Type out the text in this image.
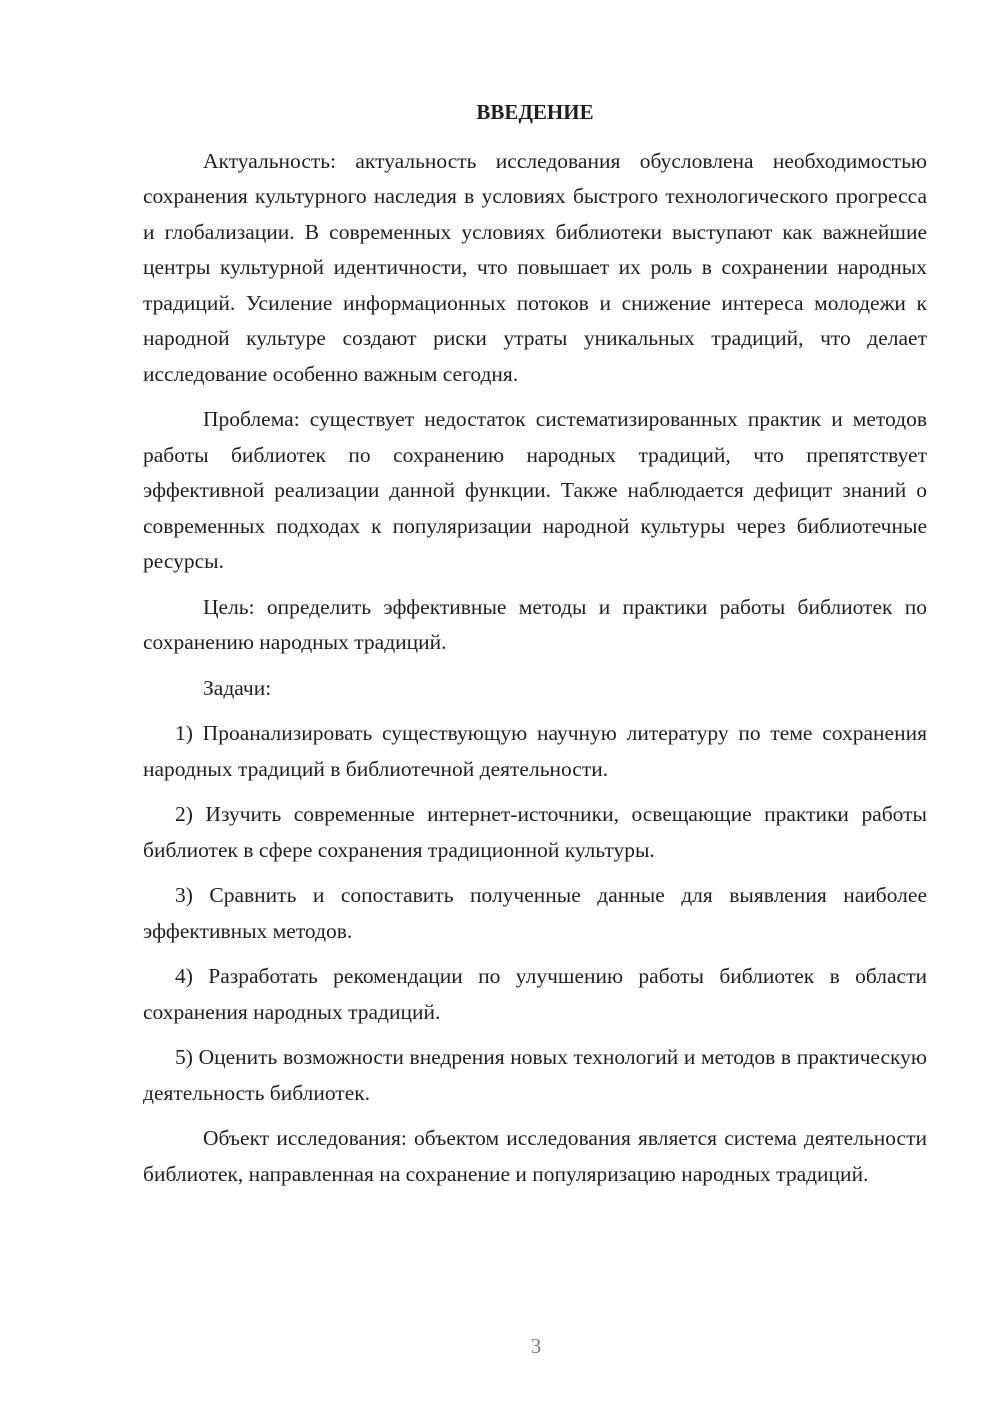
ВВЕДЕНИЕ

Актуальность: актуальность исследования обусловлена необходимостью сохранения культурного наследия в условиях быстрого технологического прогресса и глобализации. В современных условиях библиотеки выступают как важнейшие центры культурной идентичности, что повышает их роль в сохранении народных традиций. Усиление информационных потоков и снижение интереса молодежи к народной культуре создают риски утраты уникальных традиций, что делает исследование особенно важным сегодня.

Проблема: существует недостаток систематизированных практик и методов работы библиотек по сохранению народных традиций, что препятствует эффективной реализации данной функции. Также наблюдается дефицит знаний о современных подходах к популяризации народной культуры через библиотечные ресурсы.

Цель: определить эффективные методы и практики работы библиотек по сохранению народных традиций.

Задачи:

1) Проанализировать существующую научную литературу по теме сохранения народных традиций в библиотечной деятельности.

2) Изучить современные интернет-источники, освещающие практики работы библиотек в сфере сохранения традиционной культуры.

3) Сравнить и сопоставить полученные данные для выявления наиболее эффективных методов.

4) Разработать рекомендации по улучшению работы библиотек в области сохранения народных традиций.

5) Оценить возможности внедрения новых технологий и методов в практическую деятельность библиотек.

Объект исследования: объектом исследования является система деятельности библиотек, направленная на сохранение и популяризацию народных традиций.

3
